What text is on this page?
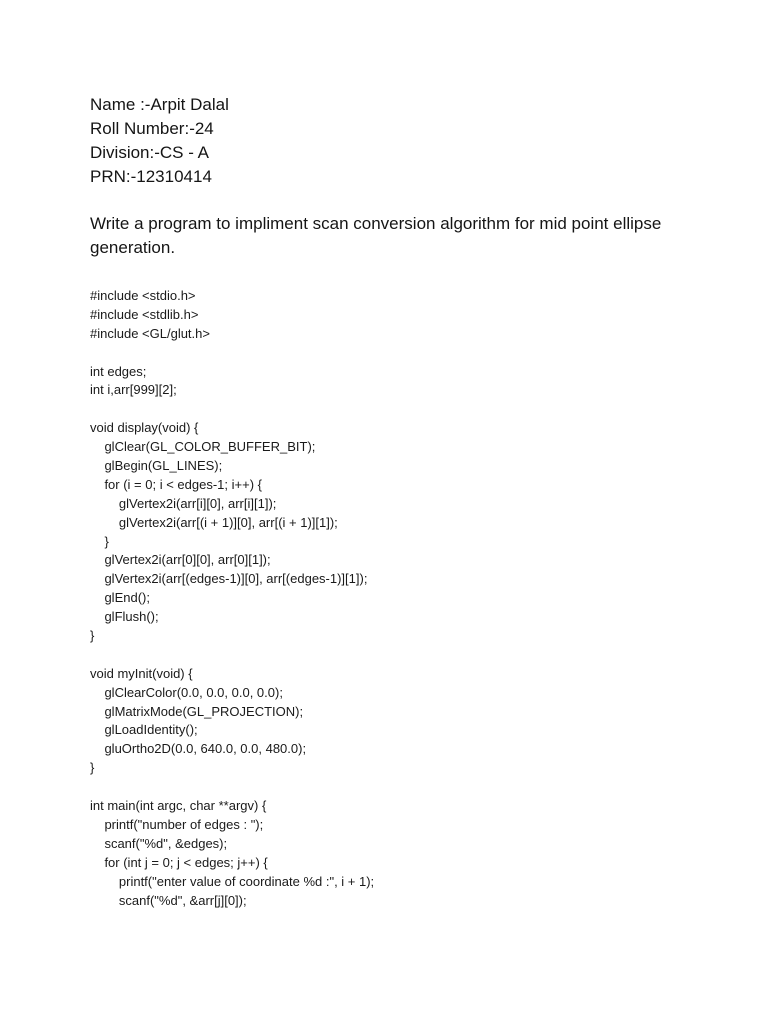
Name :-Arpit Dalal
Roll Number:-24
Division:-CS - A
PRN:-12310414
Write a program to impliment scan conversion algorithm for mid point ellipse generation.
#include <stdio.h>
#include <stdlib.h>
#include <GL/glut.h>
int edges;
int i,arr[999][2];
void display(void) {
glClear(GL_COLOR_BUFFER_BIT);
glBegin(GL_LINES);
for (i = 0; i < edges-1; i++) {
glVertex2i(arr[i][0], arr[i][1]);
glVertex2i(arr[(i + 1)][0], arr[(i + 1)][1]);
}
glVertex2i(arr[0][0], arr[0][1]);
glVertex2i(arr[(edges-1)][0], arr[(edges-1)][1]);
glEnd();
glFlush();
}
void myInit(void) {
glClearColor(0.0, 0.0, 0.0, 0.0);
glMatrixMode(GL_PROJECTION);
glLoadIdentity();
gluOrtho2D(0.0, 640.0, 0.0, 480.0);
}
int main(int argc, char **argv) {
printf("number of edges : ");
scanf("%d", &edges);
for (int j = 0; j < edges; j++) {
printf("enter value of coordinate %d :", i + 1);
scanf("%d", &arr[j][0]);
